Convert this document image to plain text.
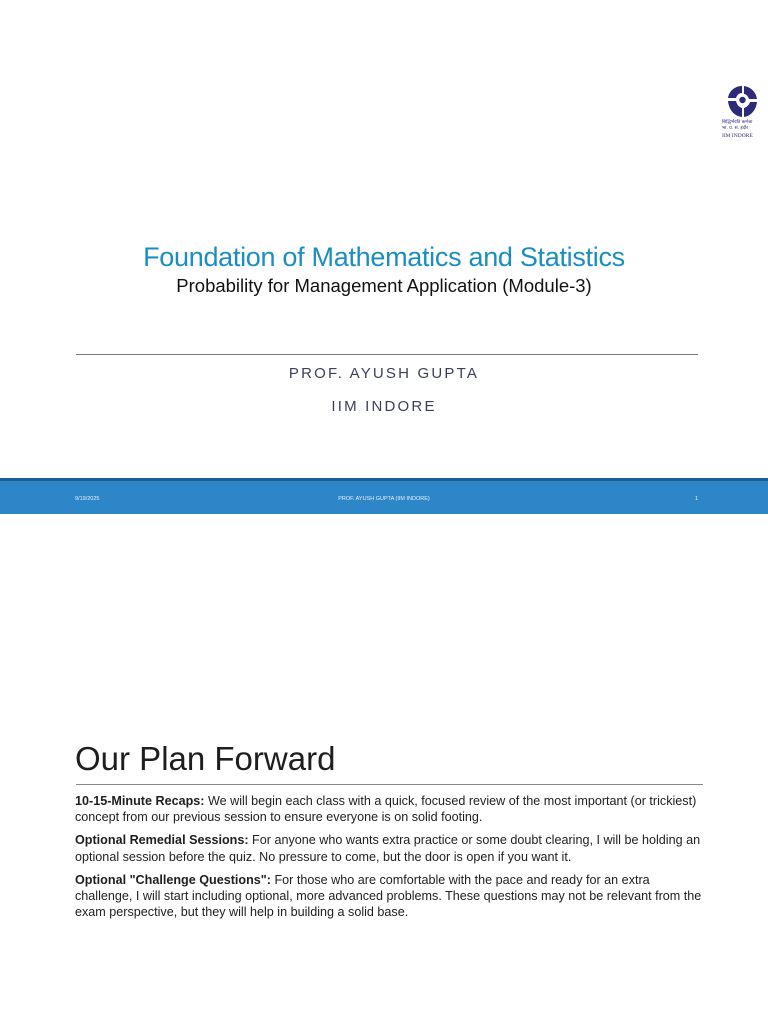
सिद्धिर्भवति कर्मजा
भा. प्र. सं. इंदौर
IIM INDORE
Foundation of Mathematics and Statistics
Probability for Management Application (Module-3)
PROF. AYUSH GUPTA
IIM INDORE
9/19/2025	PROF. AYUSH GUPTA (IIM INDORE)	1
Our Plan Forward

10-15-Minute Recaps: We will begin each class with a quick, focused review of the most important (or trickiest) concept from our previous session to ensure everyone is on solid footing.

Optional Remedial Sessions: For anyone who wants extra practice or some doubt clearing, I will be holding an optional session before the quiz. No pressure to come, but the door is open if you want it.

Optional "Challenge Questions": For those who are comfortable with the pace and ready for an extra challenge, I will start including optional, more advanced problems. These questions may not be relevant from the exam perspective, but they will help in building a solid base.
